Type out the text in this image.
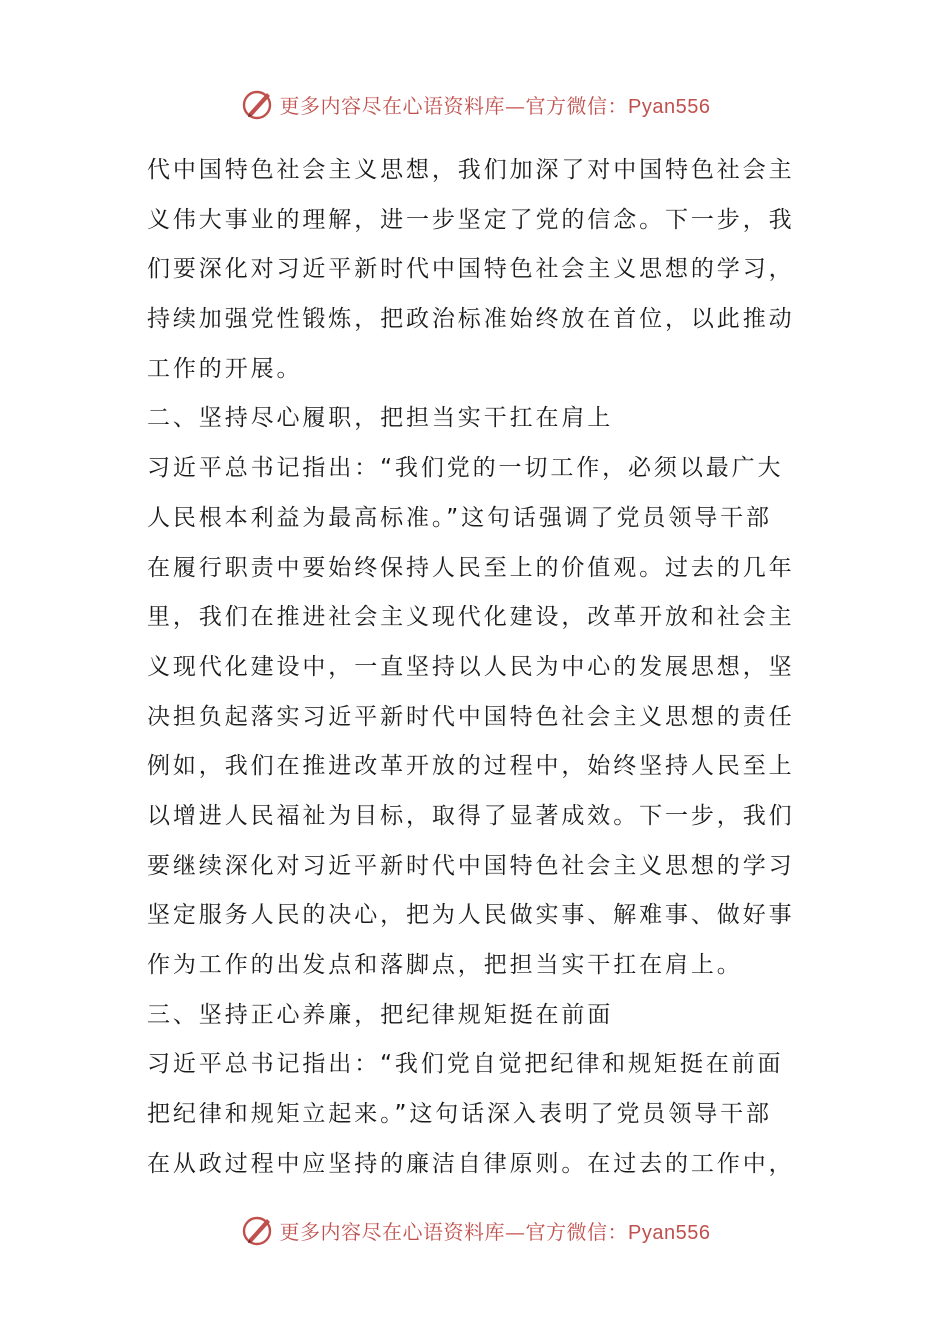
更多内容尽在心语资料库—官方微信：Pyan556
代中国特色社会主义思想，我们加深了对中国特色社会主
义伟大事业的理解，进一步坚定了党的信念。下一步，我
们要深化对习近平新时代中国特色社会主义思想的学习，
持续加强党性锻炼，把政治标准始终放在首位，以此推动
工作的开展。
二、坚持尽心履职，把担当实干扛在肩上
习近平总书记指出：“我们党的一切工作，必须以最广大
人民根本利益为最高标准。”这句话强调了党员领导干部
在履行职责中要始终保持人民至上的价值观。过去的几年
里，我们在推进社会主义现代化建设，改革开放和社会主
义现代化建设中，一直坚持以人民为中心的发展思想，坚
决担负起落实习近平新时代中国特色社会主义思想的责任
例如，我们在推进改革开放的过程中，始终坚持人民至上
以增进人民福祉为目标，取得了显著成效。下一步，我们
要继续深化对习近平新时代中国特色社会主义思想的学习
坚定服务人民的决心，把为人民做实事、解难事、做好事
作为工作的出发点和落脚点，把担当实干扛在肩上。
三、坚持正心养廉，把纪律规矩挺在前面
习近平总书记指出：“我们党自觉把纪律和规矩挺在前面
把纪律和规矩立起来。”这句话深入表明了党员领导干部
在从政过程中应坚持的廉洁自律原则。在过去的工作中，
更多内容尽在心语资料库—官方微信：Pyan556
